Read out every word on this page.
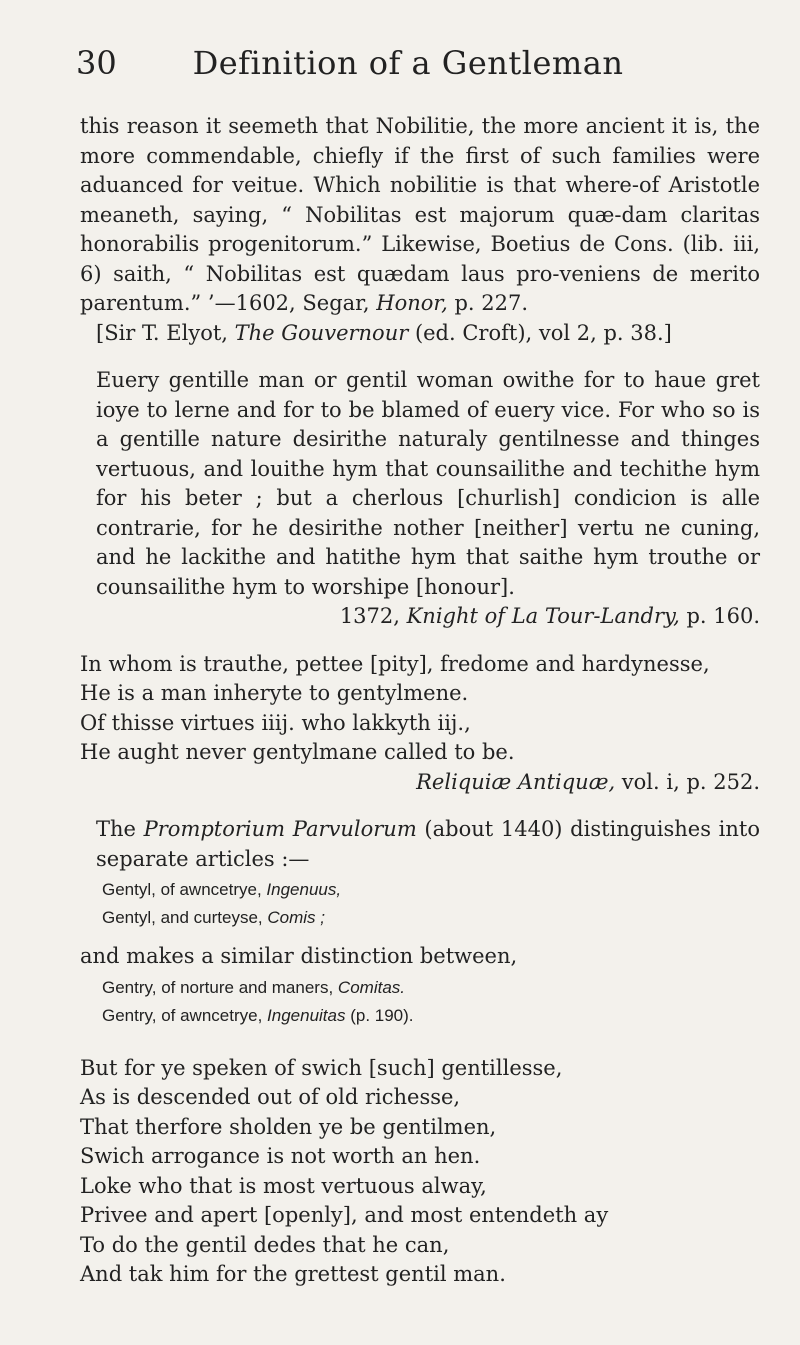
30	Definition of a Gentleman

this reason it seemeth that Nobilitie, the more ancient it is, the more commendable, chiefly if the first of such families were aduanced for veitue. Which nobilitie is that where-of Aristotle meaneth, saying, “ Nobilitas est majorum quæ-dam claritas honorabilis progenitorum.” Likewise, Boetius de Cons. (lib. iii, 6) saith, “ Nobilitas est quædam laus pro-veniens de merito parentum.” ’—1602, Segar, Honor, p. 227.

[Sir T. Elyot, The Gouvernour (ed. Croft), vol 2, p. 38.]

Euery gentille man or gentil woman owithe for to haue gret ioye to lerne and for to be blamed of euery vice. For who so is a gentille nature desirithe naturaly gentilnesse and thinges vertuous, and louithe hym that counsailithe and techithe hym for his beter ; but a cherlous [churlish] condicion is alle contrarie, for he desirithe nother [neither] vertu ne cuning, and he lackithe and hatithe hym that saithe hym trouthe or counsailithe hym to worshipe [honour].

1372, Knight of La Tour-Landry, p. 160.

In whom is trauthe, pettee [pity], fredome and hardynesse,

He is a man inheryte to gentylmene.

Of thisse virtues iiij. who lakkyth iij.,

He aught never gentylmane called to be.

Reliquiæ Antiquæ, vol. i, p. 252.

The Promptorium Parvulorum (about 1440) distinguishes into separate articles :—

Gentyl, of awncetrye, Ingenuus,
Gentyl, and curteyse, Comis ;

and makes a similar distinction between,

Gentry, of norture and maners, Comitas.
Gentry, of awncetrye, Ingenuitas (p. 190).

But for ye speken of swich [such] gentillesse,

As is descended out of old richesse,

That therfore sholden ye be gentilmen,

Swich arrogance is not worth an hen.

Loke who that is most vertuous alway,

Privee and apert [openly], and most entendeth ay

To do the gentil dedes that he can,

And tak him for the grettest gentil man.
